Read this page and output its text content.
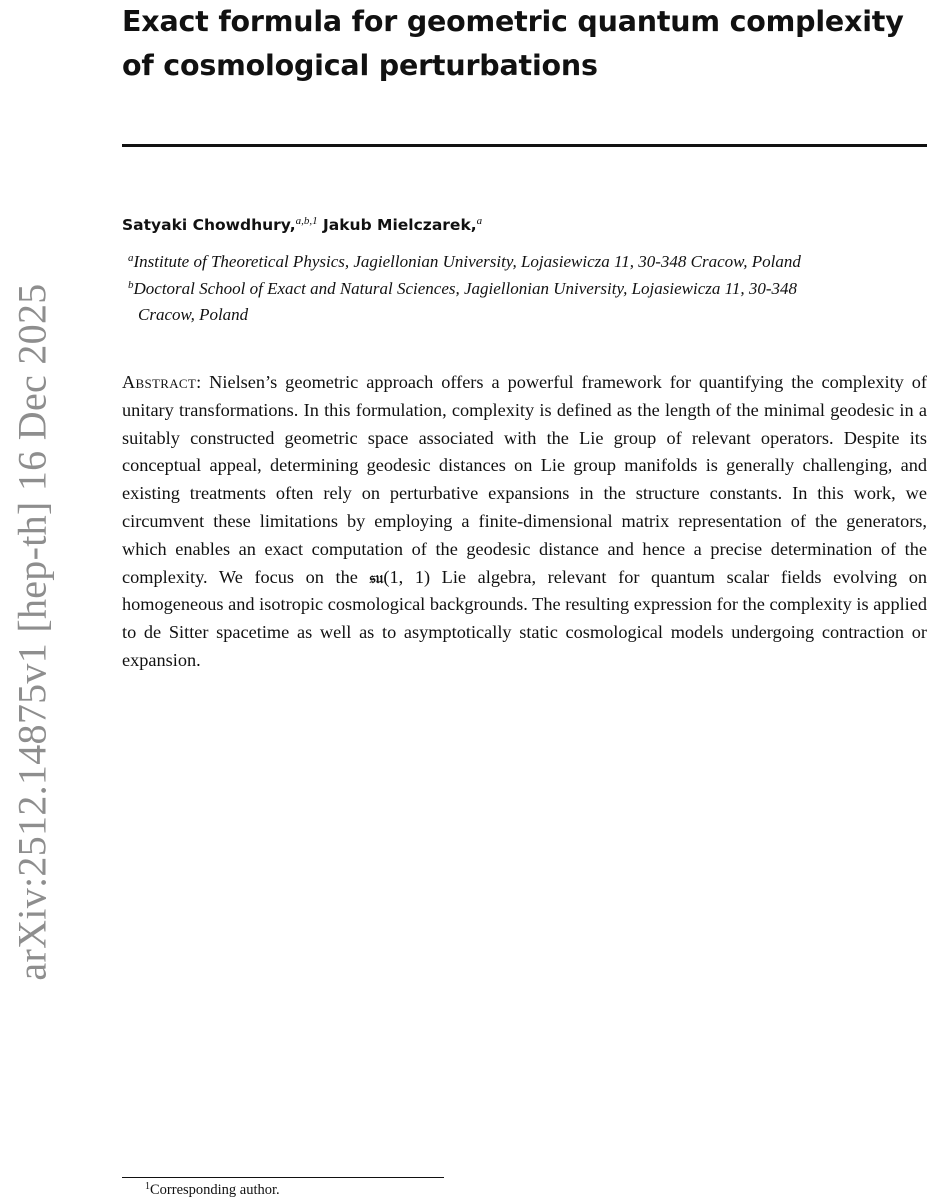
arXiv:2512.14875v1 [hep-th] 16 Dec 2025
Exact formula for geometric quantum complexity of cosmological perturbations
Satyaki Chowdhury,$^{a,b,1}$ Jakub Mielczarek,$^a$
$^a$Institute of Theoretical Physics, Jagiellonian University, Lojasiewicza 11, 30-348 Cracow, Poland
$^b$Doctoral School of Exact and Natural Sciences, Jagiellonian University, Lojasiewicza 11, 30-348
Cracow, Poland

Abstract: Nielsen’s geometric approach offers a powerful framework for quantifying the complexity of unitary transformations. In this formulation, complexity is defined as the length of the minimal geodesic in a suitably constructed geometric space associated with the Lie group of relevant operators. Despite its conceptual appeal, determining geodesic distances on Lie group manifolds is generally challenging, and existing treatments often rely on perturbative expansions in the structure constants. In this work, we circumvent these limitations by employing a finite-dimensional matrix representation of the generators, which enables an exact computation of the geodesic distance and hence a precise determination of the complexity. We focus on the 𝔰𝔲(1, 1) Lie algebra, relevant for quantum scalar fields evolving on homogeneous and isotropic cosmological backgrounds. The resulting expression for the complexity is applied to de Sitter spacetime as well as to asymptotically static cosmological models undergoing contraction or expansion.

$^1$Corresponding author.
